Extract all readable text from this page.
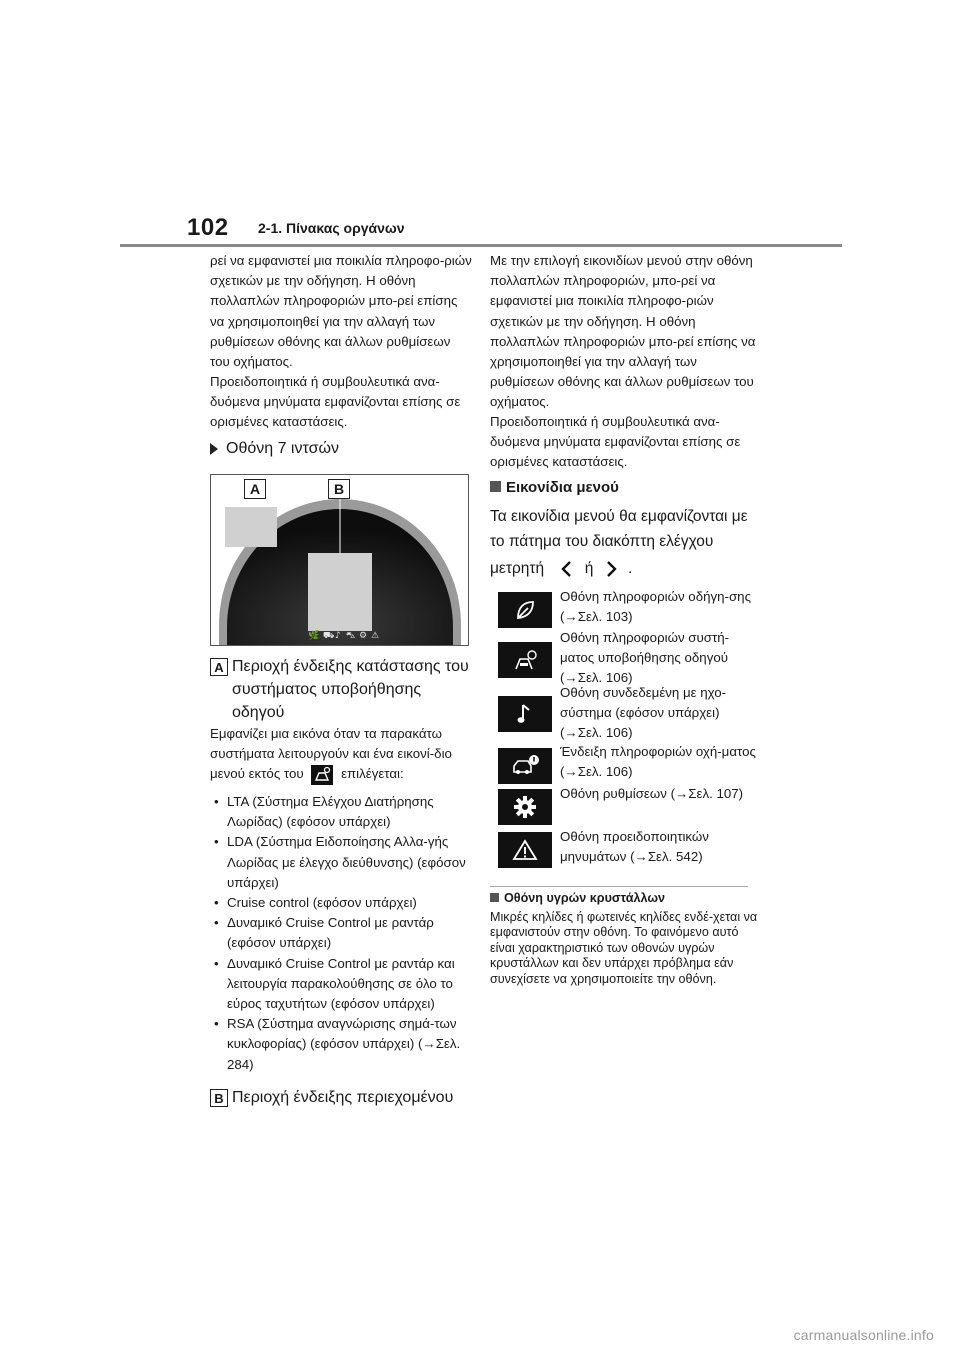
102 2-1. Πίνακας οργάνων
ρεί να εμφανιστεί μια ποικιλία πληροφο-ριών σχετικών με την οδήγηση. Η οθόνη πολλαπλών πληροφοριών μπο-ρεί επίσης να χρησιμοποιηθεί για την αλλαγή των ρυθμίσεων οθόνης και άλλων ρυθμίσεων του οχήματος.
Προειδοποιητικά ή συμβουλευτικά ανα-δυόμενα μηνύματα εμφανίζονται επίσης σε ορισμένες καταστάσεις.
Οθόνη 7 ιντσών
🌿 ⛟ ♪ ⛍ ⚙ ⚠
A	B
A Περιοχή ένδειξης κατάστασης του συστήματος υποβοήθησης οδηγού
Εμφανίζει μια εικόνα όταν τα παρακάτω συστήματα λειτουργούν και ένα εικονί-διο μενού εκτός του	επιλέγεται:
• LTA (Σύστημα Ελέγχου Διατήρησης Λωρίδας) (εφόσον υπάρχει)
• LDA (Σύστημα Ειδοποίησης Αλλα-γής Λωρίδας με έλεγχο διεύθυνσης) (εφόσον υπάρχει)
• Cruise control (εφόσον υπάρχει)
• Δυναμικό Cruise Control με ραντάρ (εφόσον υπάρχει)
• Δυναμικό Cruise Control με ραντάρ και λειτουργία παρακολούθησης σε όλο το εύρος ταχυτήτων (εφόσον υπάρχει)
• RSA (Σύστημα αναγνώρισης σημά-των κυκλοφορίας) (εφόσον υπάρχει) (→Σελ. 284)
B Περιοχή ένδειξης περιεχομένου
Με την επιλογή εικονιδίων μενού στην οθόνη πολλαπλών πληροφοριών, μπο-ρεί να εμφανιστεί μια ποικιλία πληροφο-ριών σχετικών με την οδήγηση. Η οθόνη πολλαπλών πληροφοριών μπο-ρεί επίσης να χρησιμοποιηθεί για την αλλαγή των ρυθμίσεων οθόνης και άλλων ρυθμίσεων του οχήματος.
Προειδοποιητικά ή συμβουλευτικά ανα-δυόμενα μηνύματα εμφανίζονται επίσης σε ορισμένες καταστάσεις.
Εικονίδια μενού
Τα εικονίδια μενού θα εμφανίζονται με το πάτημα του διακόπτη ελέγχου
μετρητή	ή .
Οθόνη πληροφοριών οδήγη-σης (→Σελ. 103)
Οθόνη πληροφοριών συστή-ματος υποβοήθησης οδηγού (→Σελ. 106)
Οθόνη συνδεδεμένη με ηχο-σύστημα (εφόσον υπάρχει) (→Σελ. 106)
Ένδειξη πληροφοριών οχή-ματος (→Σελ. 106)
Οθόνη ρυθμίσεων (→Σελ. 107)
Οθόνη προειδοποιητικών μηνυμάτων (→Σελ. 542)
Οθόνη υγρών κρυστάλλων
Μικρές κηλίδες ή φωτεινές κηλίδες ενδέ-χεται να εμφανιστούν στην οθόνη. Το φαινόμενο αυτό είναι χαρακτηριστικό των οθονών υγρών κρυστάλλων και δεν υπάρχει πρόβλημα εάν συνεχίσετε να χρησιμοποιείτε την οθόνη.
carmanualsonline.info
